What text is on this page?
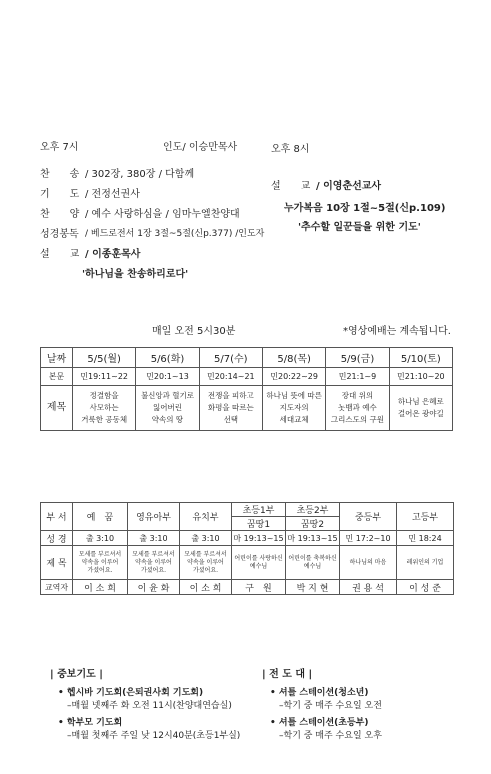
오후 7시	인도/ 이승만목사
찬　　송 / 302장, 380장 / 다함께
기　　도 / 전정선권사
찬　　양 / 예수 사랑하심을 / 임마누엘찬양대
성경봉독 / 베드로전서 1장 3절~5절(신p.377) /인도자
설　　교 / 이종훈목사
'하나님을 찬송하리로다'
오후 8시
설　　교 / 이영춘선교사
누가복음 10장 1절~5절(신p.109)
'추수할 일꾼들을 위한 기도'
매일 오전 5시30분	*영상예배는 계속됩니다.
날짜	5/5(월)	5/6(화)	5/7(수)	5/8(목)	5/9(금)	5/10(토)
본문	민19:11~22	민20:1~13	민20:14~21	민20:22~29	민21:1~9	민21:10~20
제목	정결함을
사모하는
거룩한 공동체	불신앙과 혈기로
잃어버린
약속의 땅	전쟁을 피하고
화평을 따르는
선택	하나님 뜻에 따른
지도자의
세대교체	장대 위의
놋뱀과 예수
그리스도의 구원	하나님 은혜로
걸어온 광야길
부 서	예　꿈	영유아부	유치부	초등1부	초등2부	중등부	고등부
				꿈땅1	꿈땅2		
성 경	출 3:10	출 3:10	출 3:10	마 19:13~15	마 19:13~15	민 17:2~10	민 18:24
제 목	모세를 부르셔서
약속을 이루어
가셨어요.	모세를 부르셔서
약속을 이루어
가셨어요.	모세를 부르셔서
약속을 이루어
가셨어요.	어린이를 사랑하신
예수님	어린이를 축복하신
예수님	하나님의 마음	레위인의 기업
교역자	이 소 희	이 윤 화	이 소 희	구　원	박 지 현	권 용 석	이 성 준
| 중보기도 |
• 헵시바 기도회(은퇴권사회 기도회)
–매월 넷째주 화 오전 11시(찬양대연습실)
• 학부모 기도회
–매월 첫째주 주일 낮 12시40분(초등1부실)
| 전 도 대 |
• 셔틀 스테이션(청소년)
–학기 중 매주 수요일 오전
• 셔틀 스테이션(초등부)
–학기 중 매주 수요일 오후
